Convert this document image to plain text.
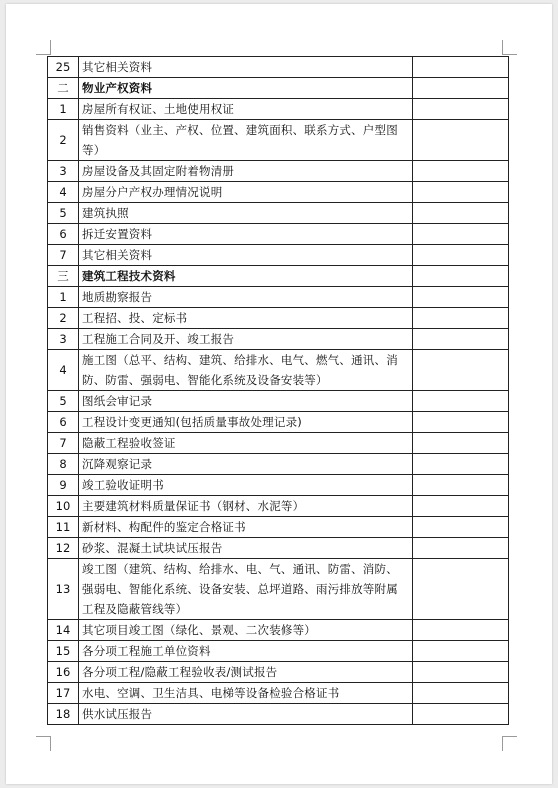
25	其它相关资料	
二	物业产权资料	
1	房屋所有权证、土地使用权证	
2	销售资料（业主、产权、位置、建筑面积、联系方式、户型图等）	
3	房屋设备及其固定附着物清册	
4	房屋分户产权办理情况说明	
5	建筑执照	
6	拆迁安置资料	
7	其它相关资料	
三	建筑工程技术资料	
1	地质勘察报告	
2	工程招、投、定标书	
3	工程施工合同及开、竣工报告	
4	施工图（总平、结构、建筑、给排水、电气、燃气、通讯、消防、防雷、强弱电、智能化系统及设备安装等）	
5	图纸会审记录	
6	工程设计变更通知(包括质量事故处理记录)	
7	隐蔽工程验收签证	
8	沉降观察记录	
9	竣工验收证明书	
10	主要建筑材料质量保证书（钢材、水泥等）	
11	新材料、构配件的鉴定合格证书	
12	砂浆、混凝土试块试压报告	
13	竣工图（建筑、结构、给排水、电、气、通讯、防雷、消防、强弱电、智能化系统、设备安装、总坪道路、雨污排放等附属工程及隐蔽管线等）	
14	其它项目竣工图（绿化、景观、二次装修等）	
15	各分项工程施工单位资料	
16	各分项工程/隐蔽工程验收表/测试报告	
17	水电、空调、卫生洁具、电梯等设备检验合格证书	
18	供水试压报告	
